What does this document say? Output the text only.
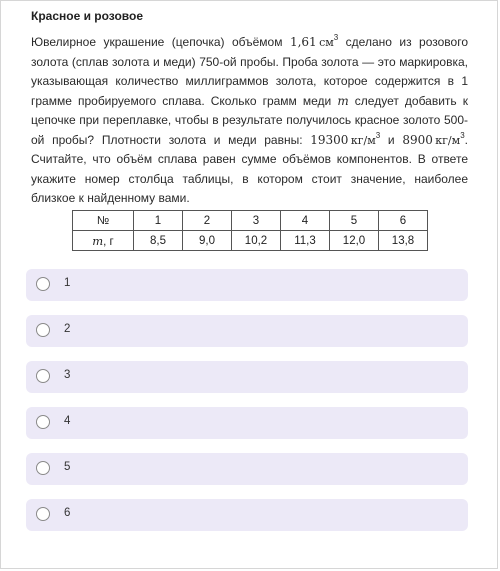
Красное и розовое
Ювелирное украшение (цепочка) объёмом 1,61  $см^3$ сделано из розового золота (сплав золота и меди) 750-ой пробы. Проба золота — это маркировка, указывающая количество миллиграммов золота, которое содержится в 1 грамме пробируемого сплава. Сколько грамм меди m следует добавить к цепочке при переплавке, чтобы в результате получилось красное золото 500-ой пробы? Плотности золота и меди равны: 19300  $кг/м^3$ и 8900  $кг/м^3$. Считайте, что объём сплава равен сумме объёмов компонентов. В ответе укажите номер столбца таблицы, в котором стоит значение, наиболее близкое к найденному вами.
№	1	2	3	4	5	6
m, г	8,5	9,0	10,2	11,3	12,0	13,8
1
2
3
4
5
6
